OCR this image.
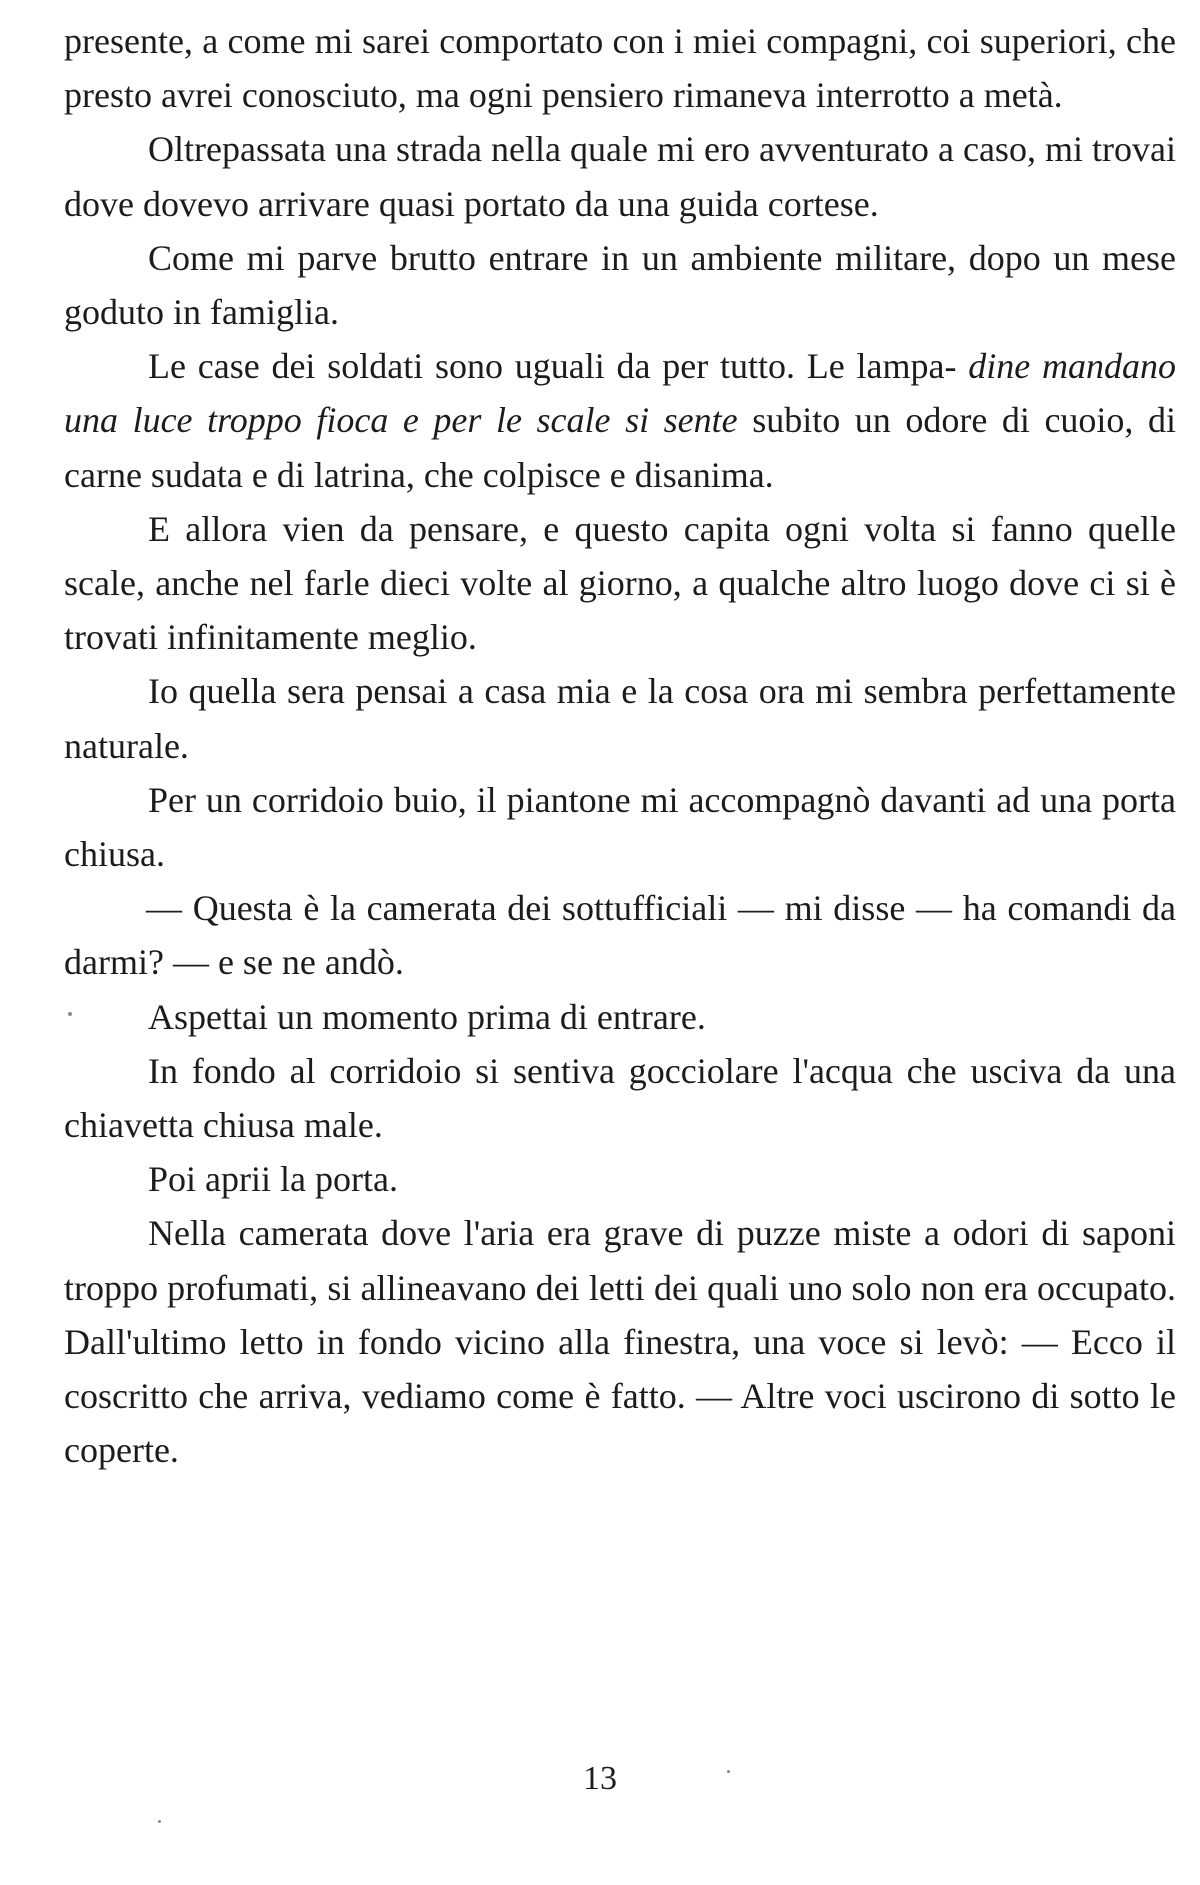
presente, a come mi sarei comportato con i miei compagni, coi superiori, che presto avrei conosciuto, ma ogni pensiero rimaneva interrotto a metà.

Oltrepassata una strada nella quale mi ero avventurato a caso, mi trovai dove dovevo arrivare quasi portato da una guida cortese.

Come mi parve brutto entrare in un ambiente militare, dopo un mese goduto in famiglia.

Le case dei soldati sono uguali da per tutto. Le lampa- dine mandano una luce troppo fioca e per le scale si sente subito un odore di cuoio, di carne sudata e di latrina, che colpisce e disanima.

E allora vien da pensare, e questo capita ogni volta si fanno quelle scale, anche nel farle dieci volte al giorno, a qualche altro luogo dove ci si è trovati infinitamente meglio.

Io quella sera pensai a casa mia e la cosa ora mi sembra perfettamente naturale.

Per un corridoio buio, il piantone mi accompagnò davanti ad una porta chiusa.

— Questa è la camerata dei sottufficiali — mi disse — ha comandi da darmi? — e se ne andò.

Aspettai un momento prima di entrare.

In fondo al corridoio si sentiva gocciolare l'acqua che usciva da una chiavetta chiusa male.

Poi aprii la porta.

Nella camerata dove l'aria era grave di puzze miste a odori di saponi troppo profumati, si allineavano dei letti dei quali uno solo non era occupato. Dall'ultimo letto in fondo vicino alla finestra, una voce si levò: — Ecco il coscritto che arriva, vediamo come è fatto. — Altre voci uscirono di sotto le coperte.

13
